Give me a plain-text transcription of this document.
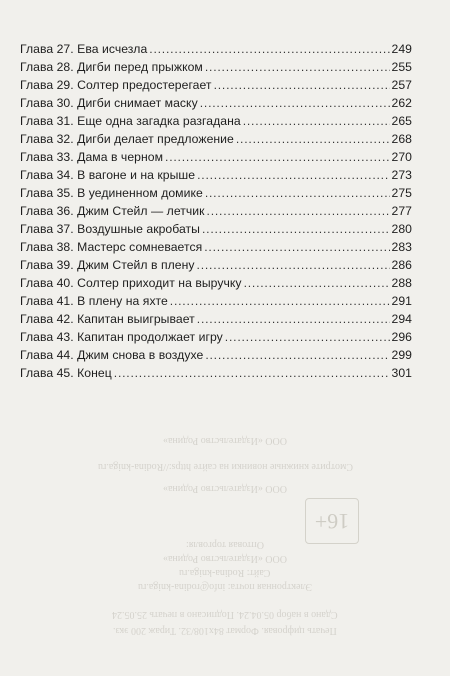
ООО «Издательство Родина»
Смотрите книжные новинки на сайте https://Rodina-kniga.ru
ООО «Издательство Родина»
16+
Оптовая торговля:
ООО «Издательство Родина»
Сайт: Rodina-kniga.ru
Электронная почта: info@rodina-kniga.ru
Сдано в набор 05.04.24. Подписано в печать 25.05.24
Печать цифровая. Формат 84x108/32. Тираж 200 экз.
Глава 27. Ева исчезла . . .	249
Глава 28. Дигби перед прыжком . . .	255
Глава 29. Солтер предостерегает . . .	257
Глава 30. Дигби снимает маску . . .	262
Глава 31. Еще одна загадка разгадана . . .	265
Глава 32. Дигби делает предложение . . .	268
Глава 33. Дама в черном . . .	270
Глава 34. В вагоне и на крыше . . .	273
Глава 35. В уединенном домике . . .	275
Глава 36. Джим Стейл — летчик . . .	277
Глава 37. Воздушные акробаты . . .	280
Глава 38. Мастерс сомневается . . .	283
Глава 39. Джим Стейл в плену . . .	286
Глава 40. Солтер приходит на выручку . . .	288
Глава 41. В плену на яхте . . .	291
Глава 42. Капитан выигрывает . . .	294
Глава 43. Капитан продолжает игру . . .	296
Глава 44. Джим снова в воздухе . . .	299
Глава 45. Конец . . .	301
